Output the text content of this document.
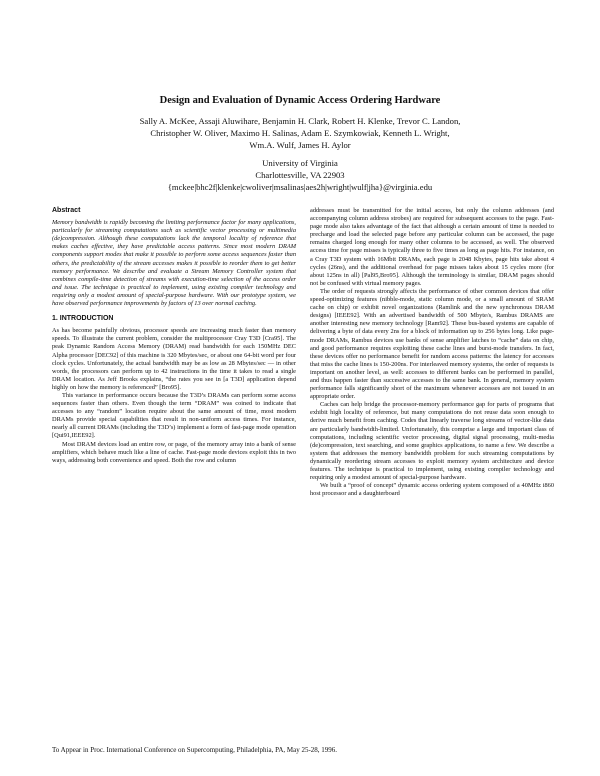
Design and Evaluation of Dynamic Access Ordering Hardware
Sally A. McKee, Assaji Aluwihare, Benjamin H. Clark, Robert H. Klenke, Trevor C. Landon,
Christopher W. Oliver, Maximo H. Salinas, Adam E. Szymkowiak, Kenneth L. Wright,
Wm.A. Wulf, James H. Aylor
University of Virginia
Charlottesville, VA 22903
{mckee|bhc2f|klenke|cwoliver|msalinas|aes2h|wright|wulf|jha}@virginia.edu
Abstract

Memory bandwidth is rapidly becoming the limiting performance factor for many applications, particularly for streaming computations such as scientific vector processing or multimedia (de)compression. Although these computations lack the temporal locality of reference that makes caches effective, they have predictable access patterns. Since most modern DRAM components support modes that make it possible to perform some access sequences faster than others, the predictability of the stream accesses makes it possible to reorder them to get better memory performance. We describe and evaluate a Stream Memory Controller system that combines compile-time detection of streams with execution-time selection of the access order and issue. The technique is practical to implement, using existing compiler technology and requiring only a modest amount of special-purpose hardware. With our prototype system, we have observed performance improvements by factors of 13 over normal caching.

1. INTRODUCTION

As has become painfully obvious, processor speeds are increasing much faster than memory speeds. To illustrate the current problem, consider the multiprocessor Cray T3D [Cra95]. The peak Dynamic Random Access Memory (DRAM) read bandwidth for each 150MHz DEC Alpha processor [DEC92] of this machine is 320 Mbytes/sec, or about one 64-bit word per four clock cycles. Unfortunately, the actual bandwidth may be as low as 28 Mbytes/sec — in other words, the processors can perform up to 42 instructions in the time it takes to read a single DRAM location. As Jeff Brooks explains, “the rates you see in [a T3D] application depend highly on how the memory is referenced” [Bro95].

This variance in performance occurs because the T3D’s DRAMs can perform some access sequences faster than others. Even though the term “DRAM” was coined to indicate that accesses to any “random” location require about the same amount of time, most modern DRAMs provide special capabilities that result in non-uniform access times. For instance, nearly all current DRAMs (including the T3D’s) implement a form of fast-page mode operation [Qui91,IEEE92].

Most DRAM devices load an entire row, or page, of the memory array into a bank of sense amplifiers, which behave much like a line of cache. Fast-page mode devices exploit this in two ways, addressing both convenience and speed. Both the row and column

addresses must be transmitted for the initial access, but only the column addresses (and accompanying column address strobes) are required for subsequent accesses to the page. Fast-page mode also takes advantage of the fact that although a certain amount of time is needed to precharge and load the selected page before any particular column can be accessed, the page remains charged long enough for many other columns to be accessed, as well. The observed access time for page misses is typically three to five times as long as page hits. For instance, on a Cray T3D system with 16Mbit DRAMs, each page is 2048 Kbytes, page hits take about 4 cycles (26ns), and the additional overhead for page misses takes about 15 cycles more (for about 125ns in all) [Pal95,Bro95]. Although the terminology is similar, DRAM pages should not be confused with virtual memory pages.

The order of requests strongly affects the performance of other common devices that offer speed-optimizing features (nibble-mode, static column mode, or a small amount of SRAM cache on chip) or exhibit novel organizations (Ramlink and the new synchronous DRAM designs) [IEEE92]. With an advertised bandwidth of 500 Mbyte/s, Rambus DRAMS are another interesting new memory technology [Ram92]. These bus-based systems are capable of delivering a byte of data every 2ns for a block of information up to 256 bytes long. Like page-mode DRAMs, Rambus devices use banks of sense amplifier latches to “cache” data on chip, and good performance requires exploiting these cache lines and burst-mode transfers. In fact, these devices offer no performance benefit for random access patterns: the latency for accesses that miss the cache lines is 150-200ns. For interleaved memory systems, the order of requests is important on another level, as well: accesses to different banks can be performed in parallel, and thus happen faster than successive accesses to the same bank. In general, memory system performance falls significantly short of the maximum whenever accesses are not issued in an appropriate order.

Caches can help bridge the processor-memory performance gap for parts of programs that exhibit high locality of reference, but many computations do not reuse data soon enough to derive much benefit from caching. Codes that linearly traverse long streams of vector-like data are particularly bandwidth-limited. Unfortunately, this comprise a large and important class of computations, including scientific vector processing, digital signal processing, multi-media (de)compression, text searching, and some graphics applications, to name a few. We describe a system that addresses the memory bandwidth problem for such streaming computations by dynamically reordering stream accesses to exploit memory system architecture and device features. The technique is practical to implement, using existing compiler technology and requiring only a modest amount of special-purpose hardware.

We built a “proof of concept” dynamic access ordering system composed of a 40MHz i860 host processor and a daughterboard

To Appear in Proc. International Conference on Supercomputing, Philadelphia, PA, May 25-28, 1996.
